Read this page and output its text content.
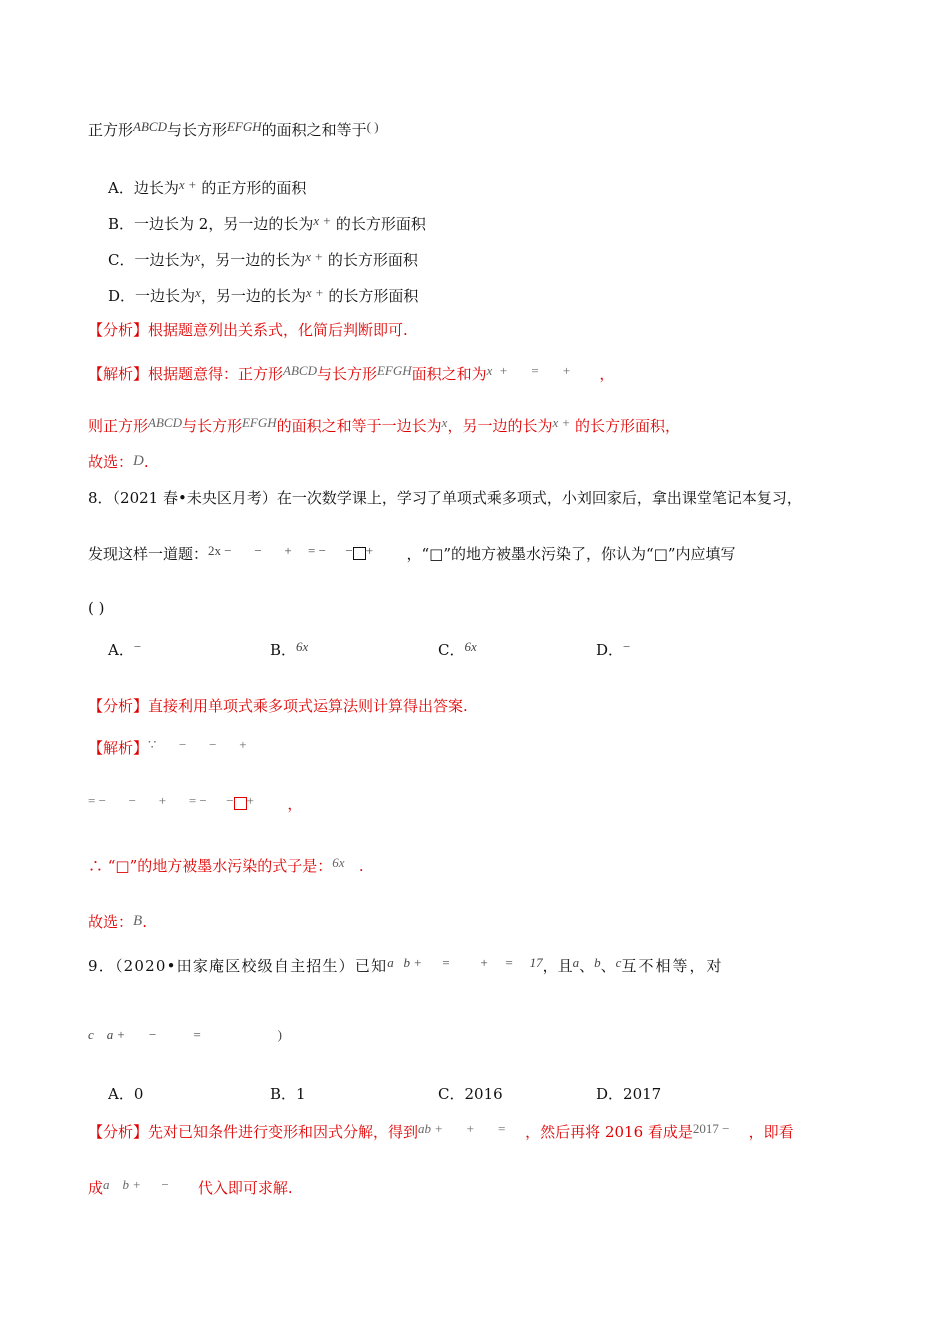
正方形ABCD与长方形EFGH的面积之和等于( )
A．边长为x + 的正方形的面积
B．一边长为 2，另一边的长为x + 的长方形面积
C．一边长为x，另一边的长为x + 的长方形面积
D．一边长为x，另一边的长为x + 的长方形面积
【分析】根据题意列出关系式，化简后判断即可.
【解析】根据题意得：正方形ABCD与长方形EFGH面积之和为x  +       =       + ，
则正方形ABCD与长方形EFGH的面积之和等于一边长为x，另一边的长为x + 的长方形面积，
故选：D.
8．（2021 春•未央区月考）在一次数学课上，学习了单项式乘多项式，小刘回家后，拿出课堂笔记本复习，
发现这样一道题：2x −       −       +     = −      − + ，“□”的地方被墨水污染了，你认为“□”内应填写
( )
A．−	B．6x	C．6x	D．−
【分析】直接利用单项式乘多项式运算法则计算得出答案.
【解析】∵       −       −       +
= −       −       +       = −      − + ，
∴ “□”的地方被墨水污染的式子是：6x .
故选：B.
9．（2020•田家庵区校级自主招生）已知a   b +      =         +     =     17，且a、b、c互不相等，对
c    a +       −           =	)
A．0	B．1	C．2016	D．2017
【分析】先对已知条件进行变形和因式分解，得到ab +       +       = ，然后再将 2016 看成是2017 − ，即看
成a    b +      − 代入即可求解.
